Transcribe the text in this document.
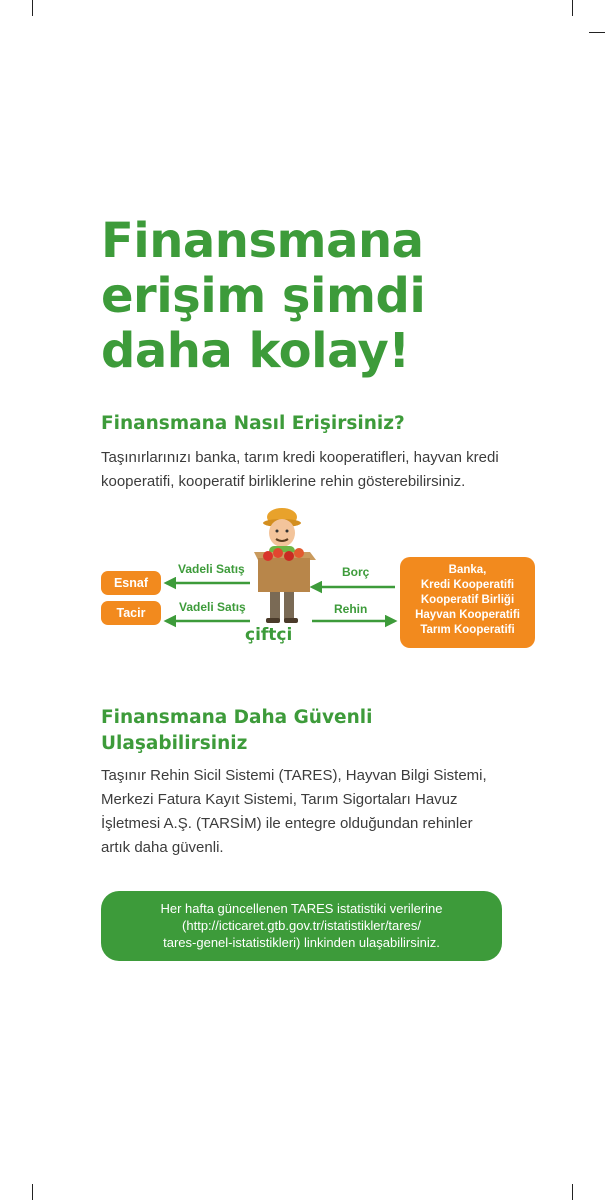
Finansmana
erişim şimdi
daha kolay!
Finansmana Nasıl Erişirsiniz?

Taşınırlarınızı banka, tarım kredi kooperatifleri, hayvan kredi
kooperatifi, kooperatif birliklerine rehin gösterebilirsiniz.

Esnaf
Tacir
Vadeli Satış
Vadeli Satış
Borç
Rehin
çiftçi
Banka,
Kredi Kooperatifi
Kooperatif Birliği
Hayvan Kooperatifi
Tarım Kooperatifi
Finansmana Daha Güvenli
Ulaşabilirsiniz

Taşınır Rehin Sicil Sistemi (TARES), Hayvan Bilgi Sistemi,
Merkezi Fatura Kayıt Sistemi, Tarım Sigortaları Havuz
İşletmesi A.Ş. (TARSİM) ile entegre olduğundan rehinler
artık daha güvenli.

Her hafta güncellenen TARES istatistiki verilerine
(http://icticaret.gtb.gov.tr/istatistikler/tares/
tares-genel-istatistikleri) linkinden ulaşabilirsiniz.
